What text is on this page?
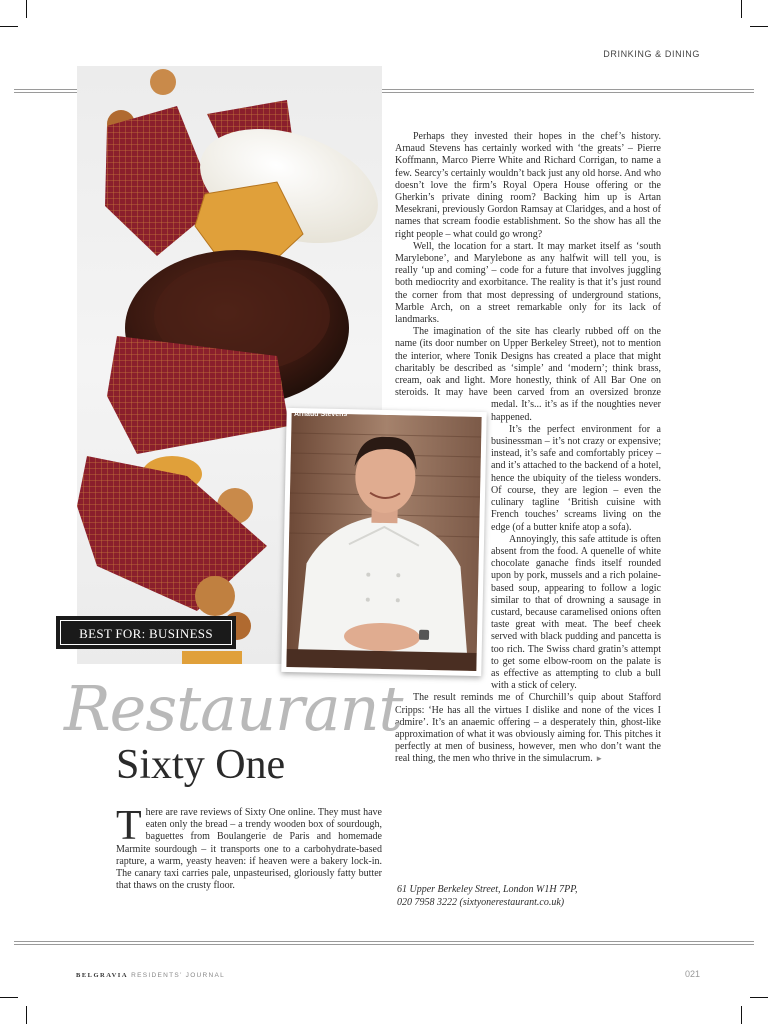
DRINKING & DINING
BEST FOR: BUSINESS
Arnaud Stevens

Perhaps they invested their hopes in the chef’s history. Arnaud Stevens has certainly worked with ‘the greats’ – Pierre Koffmann, Marco Pierre White and Richard Corrigan, to name a few. Searcy’s certainly wouldn’t back just any old horse. And who doesn’t love the firm’s Royal Opera House offering or the Gherkin’s private dining room? Backing him up is Artan Mesekrani, previously Gordon Ramsay at Claridges, and a host of names that scream foodie establishment. So the show has all the right people – what could go wrong?

Well, the location for a start. It may market itself as ‘south Marylebone’, and Marylebone as any halfwit will tell you, is really ‘up and coming’ – code for a future that involves juggling both mediocrity and exorbitance. The reality is that it’s just round the corner from that most depressing of underground stations, Marble Arch, on a street remarkable only for its lack of landmarks.

The imagination of the site has clearly rubbed off on the name (its door number on Upper Berkeley Street), not to mention the interior, where Tonik Designs has created a place that might charitably be described as ‘simple’ and ‘modern’; think brass, cream, oak and light. More honestly, think of All Bar One on steroids. It may have been carved from an oversized bronze medal. It’s... it’s as if the noughties never happened.

It’s the perfect environment for a businessman – it’s not crazy or expensive; instead, it’s safe and comfortably pricey – and it’s attached to the backend of a hotel, hence the ubiquity of the tieless wonders. Of course, they are legion – even the culinary tagline ‘British cuisine with French touches’ screams living on the edge (of a butter knife atop a sofa).

Annoyingly, this safe attitude is often absent from the food. A quenelle of white chocolate ganache finds itself rounded upon by pork, mussels and a rich polaine-based soup, appearing to follow a logic similar to that of drowning a sausage in custard, because caramelised onions often taste great with meat. The beef cheek served with black pudding and pancetta is too rich. The Swiss chard gratin’s attempt to get some elbow-room on the palate is as effective as attempting to club a bull with a stick of celery.

The result reminds me of Churchill’s quip about Stafford Cripps: ‘He has all the virtues I dislike and none of the vices I admire’. It’s an anaemic offering – a desperately thin, ghost-like approximation of what it was obviously aiming for. This pitches it perfectly at men of business, however, men who don’t want the real thing, the men who thrive in the simulacrum. ►

Restaurant
Sixty One

T here are rave reviews of Sixty One online. They must have eaten only the bread – a trendy wooden box of sourdough, baguettes from Boulangerie de Paris and homemade Marmite sourdough – it transports one to a carbohydrate-based rapture, a warm, yeasty heaven: if heaven were a bakery lock-in. The canary taxi carries pale, unpasteurised, gloriously fatty butter that thaws on the crusty floor.	61 Upper Berkeley Street, London W1H 7PP,
020 7958 3222 (sixtyonerestaurant.co.uk)
BELGRAVIA RESIDENTS’ JOURNAL	021
